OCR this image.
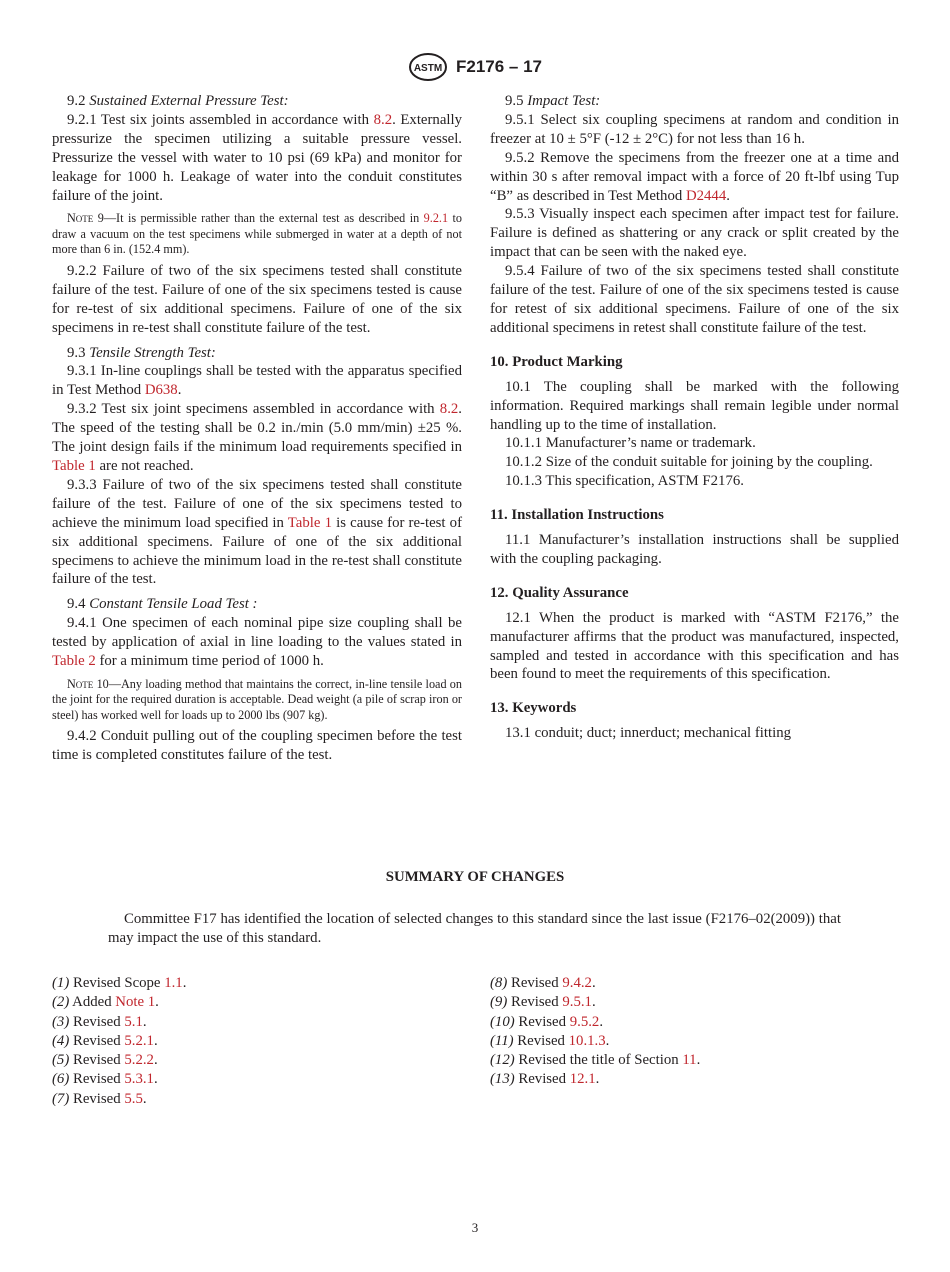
ASTM F2176 – 17

9.2 Sustained External Pressure Test:

9.2.1 Test six joints assembled in accordance with 8.2. Externally pressurize the specimen utilizing a suitable pressure vessel. Pressurize the vessel with water to 10 psi (69 kPa) and monitor for leakage for 1000 h. Leakage of water into the conduit constitutes failure of the joint.

Note 9—It is permissible rather than the external test as described in 9.2.1 to draw a vacuum on the test specimens while submerged in water at a depth of not more than 6 in. (152.4 mm).

9.2.2 Failure of two of the six specimens tested shall constitute failure of the test. Failure of one of the six specimens tested is cause for re-test of six additional specimens. Failure of one of the six specimens in re-test shall constitute failure of the test.

9.3 Tensile Strength Test:

9.3.1 In-line couplings shall be tested with the apparatus specified in Test Method D638.

9.3.2 Test six joint specimens assembled in accordance with 8.2. The speed of the testing shall be 0.2 in./min (5.0 mm/min) ±25 %. The joint design fails if the minimum load requirements specified in Table 1 are not reached.

9.3.3 Failure of two of the six specimens tested shall constitute failure of the test. Failure of one of the six specimens tested to achieve the minimum load specified in Table 1 is cause for re-test of six additional specimens. Failure of one of the six additional specimens to achieve the minimum load in the re-test shall constitute failure of the test.

9.4 Constant Tensile Load Test :

9.4.1 One specimen of each nominal pipe size coupling shall be tested by application of axial in line loading to the values stated in Table 2 for a minimum time period of 1000 h.

Note 10—Any loading method that maintains the correct, in-line tensile load on the joint for the required duration is acceptable. Dead weight (a pile of scrap iron or steel) has worked well for loads up to 2000 lbs (907 kg).

9.4.2 Conduit pulling out of the coupling specimen before the test time is completed constitutes failure of the test.

9.5 Impact Test:

9.5.1 Select six coupling specimens at random and condition in freezer at 10 ± 5°F (-12 ± 2°C) for not less than 16 h.

9.5.2 Remove the specimens from the freezer one at a time and within 30 s after removal impact with a force of 20 ft-lbf using Tup “B” as described in Test Method D2444.

9.5.3 Visually inspect each specimen after impact test for failure. Failure is defined as shattering or any crack or split created by the impact that can be seen with the naked eye.

9.5.4 Failure of two of the six specimens tested shall constitute failure of the test. Failure of one of the six specimens tested is cause for retest of six additional specimens. Failure of one of the six additional specimens in retest shall constitute failure of the test.

10. Product Marking

10.1 The coupling shall be marked with the following information. Required markings shall remain legible under normal handling up to the time of installation.

10.1.1 Manufacturer’s name or trademark.

10.1.2 Size of the conduit suitable for joining by the coupling.

10.1.3 This specification, ASTM F2176.

11. Installation Instructions

11.1 Manufacturer’s installation instructions shall be supplied with the coupling packaging.

12. Quality Assurance

12.1 When the product is marked with “ASTM F2176,” the manufacturer affirms that the product was manufactured, inspected, sampled and tested in accordance with this specification and has been found to meet the requirements of this specification.

13. Keywords

13.1 conduit; duct; innerduct; mechanical fitting

SUMMARY OF CHANGES
Committee F17 has identified the location of selected changes to this standard since the last issue (F2176–02(2009)) that may impact the use of this standard.
(1) Revised Scope 1.1.
(2) Added Note 1.
(3) Revised 5.1.
(4) Revised 5.2.1.
(5) Revised 5.2.2.
(6) Revised 5.3.1.
(7) Revised 5.5.
(8) Revised 9.4.2.
(9) Revised 9.5.1.
(10) Revised 9.5.2.
(11) Revised 10.1.3.
(12) Revised the title of Section 11.
(13) Revised 12.1.
3
